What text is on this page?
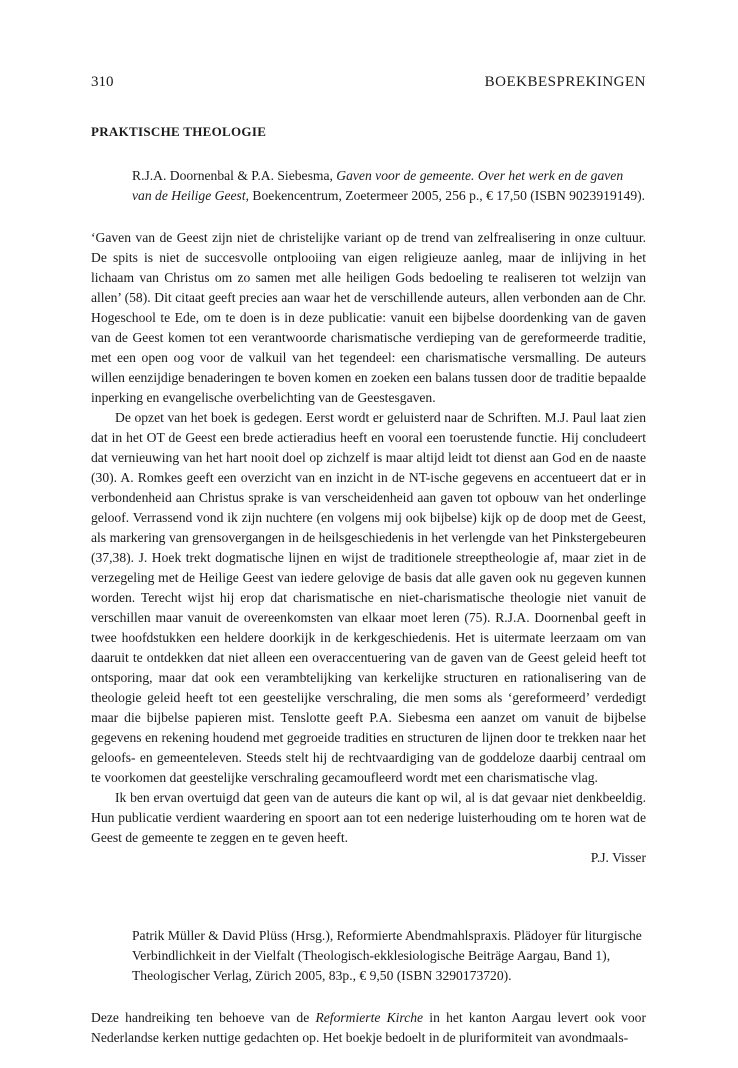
310	BOEKBESPREKINGEN
PRAKTISCHE THEOLOGIE
R.J.A. Doornenbal & P.A. Siebesma, Gaven voor de gemeente. Over het werk en de gaven van de Heilige Geest, Boekencentrum, Zoetermeer 2005, 256 p., € 17,50 (ISBN 9023919149).

‘Gaven van de Geest zijn niet de christelijke variant op de trend van zelfrealisering in onze cultuur. De spits is niet de succesvolle ontplooiing van eigen religieuze aanleg, maar de inlijving in het lichaam van Christus om zo samen met alle heiligen Gods bedoeling te realiseren tot welzijn van allen’ (58). Dit citaat geeft precies aan waar het de verschillende auteurs, allen verbonden aan de Chr. Hogeschool te Ede, om te doen is in deze publicatie: vanuit een bijbelse doordenking van de gaven van de Geest komen tot een verantwoorde charismatische verdieping van de gereformeerde traditie, met een open oog voor de valkuil van het tegendeel: een charismatische versmalling. De auteurs willen eenzijdige benaderingen te boven komen en zoeken een balans tussen door de traditie bepaalde inperking en evangelische overbelichting van de Geestesgaven.

De opzet van het boek is gedegen. Eerst wordt er geluisterd naar de Schriften. M.J. Paul laat zien dat in het OT de Geest een brede actieradius heeft en vooral een toerustende functie. Hij concludeert dat vernieuwing van het hart nooit doel op zichzelf is maar altijd leidt tot dienst aan God en de naaste (30). A. Romkes geeft een overzicht van en inzicht in de NT-ische gegevens en accentueert dat er in verbondenheid aan Christus sprake is van verscheidenheid aan gaven tot opbouw van het onderlinge geloof. Verrassend vond ik zijn nuchtere (en volgens mij ook bijbelse) kijk op de doop met de Geest, als markering van grensovergangen in de heilsgeschiedenis in het verlengde van het Pinkstergebeuren (37,38). J. Hoek trekt dogmatische lijnen en wijst de traditionele streeptheologie af, maar ziet in de verzegeling met de Heilige Geest van iedere gelovige de basis dat alle gaven ook nu gegeven kunnen worden. Terecht wijst hij erop dat charismatische en niet-charismatische theologie niet vanuit de verschillen maar vanuit de overeenkomsten van elkaar moet leren (75). R.J.A. Doornenbal geeft in twee hoofdstukken een heldere doorkijk in de kerkgeschiedenis. Het is uitermate leerzaam om van daaruit te ontdekken dat niet alleen een overaccentuering van de gaven van de Geest geleid heeft tot ontsporing, maar dat ook een verambtelijking van kerkelijke structuren en rationalisering van de theologie geleid heeft tot een geestelijke verschraling, die men soms als ‘gereformeerd’ verdedigt maar die bijbelse papieren mist. Tenslotte geeft P.A. Siebesma een aanzet om vanuit de bijbelse gegevens en rekening houdend met gegroeide tradities en structuren de lijnen door te trekken naar het geloofs- en gemeenteleven. Steeds stelt hij de rechtvaardiging van de goddeloze daarbij centraal om te voorkomen dat geestelijke verschraling gecamoufleerd wordt met een charismatische vlag.

Ik ben ervan overtuigd dat geen van de auteurs die kant op wil, al is dat gevaar niet denkbeeldig. Hun publicatie verdient waardering en spoort aan tot een nederige luisterhouding om te horen wat de Geest de gemeente te zeggen en te geven heeft.

P.J. Visser
Patrik Müller & David Plüss (Hrsg.), Reformierte Abendmahlspraxis. Plädoyer für liturgische Verbindlichkeit in der Vielfalt (Theologisch-ekklesiologische Beiträge Aargau, Band 1), Theologischer Verlag, Zürich 2005, 83p., € 9,50 (ISBN 3290173720).

Deze handreiking ten behoeve van de Reformierte Kirche in het kanton Aargau levert ook voor Nederlandse kerken nuttige gedachten op. Het boekje bedoelt in de pluriformiteit van avondmaals-
